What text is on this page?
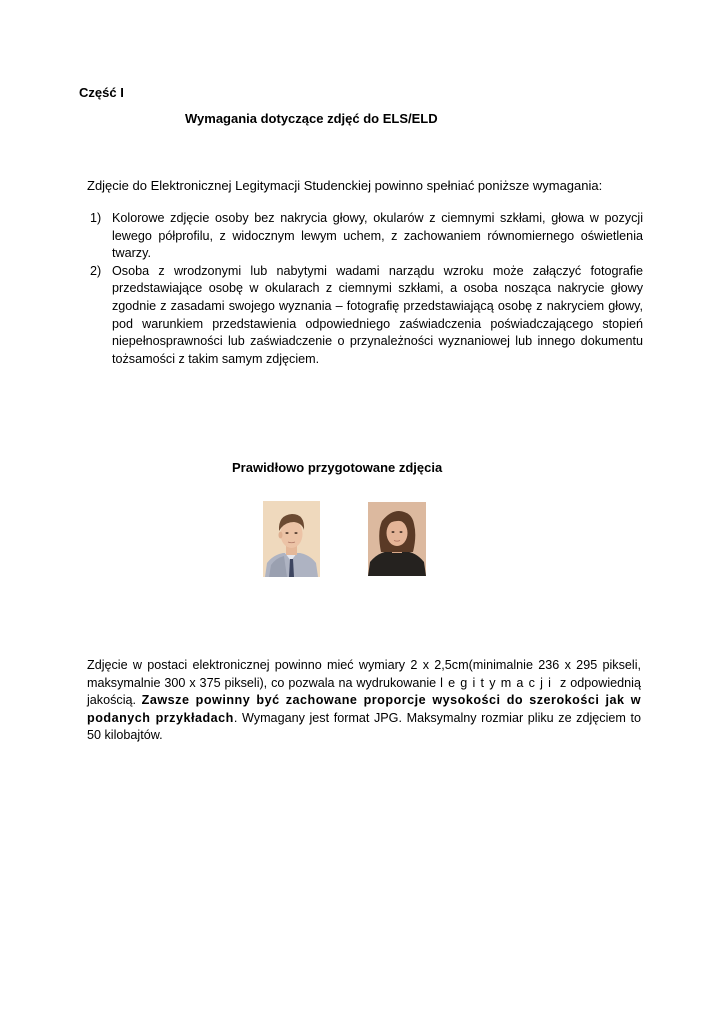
Część I
Wymagania dotyczące zdjęć do ELS/ELD
Zdjęcie do Elektronicznej Legitymacji Studenckiej powinno spełniać poniższe wymagania:
1) Kolorowe zdjęcie osoby bez nakrycia głowy, okularów z ciemnymi szkłami, głowa w pozycji lewego półprofilu, z widocznym lewym uchem, z zachowaniem równomiernego oświetlenia twarzy.
2) Osoba z wrodzonymi lub nabytymi wadami narządu wzroku może załączyć fotografie przedstawiające osobę w okularach z ciemnymi szkłami, a osoba nosząca nakrycie głowy zgodnie z zasadami swojego wyznania – fotografię przedstawiającą osobę z nakryciem głowy, pod warunkiem przedstawienia odpowiedniego zaświadczenia poświadczającego stopień niepełnosprawności lub zaświadczenie o przynależności wyznaniowej lub innego dokumentu tożsamości z takim samym zdjęciem.
Prawidłowo przygotowane zdjęcia
Zdjęcie w postaci elektronicznej powinno mieć wymiary 2 x 2,5cm(minimalnie 236 x 295 pikseli, maksymalnie 300 x 375 pikseli), co pozwala na wydrukowanie legitymacji z odpowiednią jakością. Zawsze powinny być zachowane proporcje wysokości do szerokości jak w podanych przykładach. Wymagany jest format JPG. Maksymalny rozmiar pliku ze zdjęciem to 50 kilobajtów.
